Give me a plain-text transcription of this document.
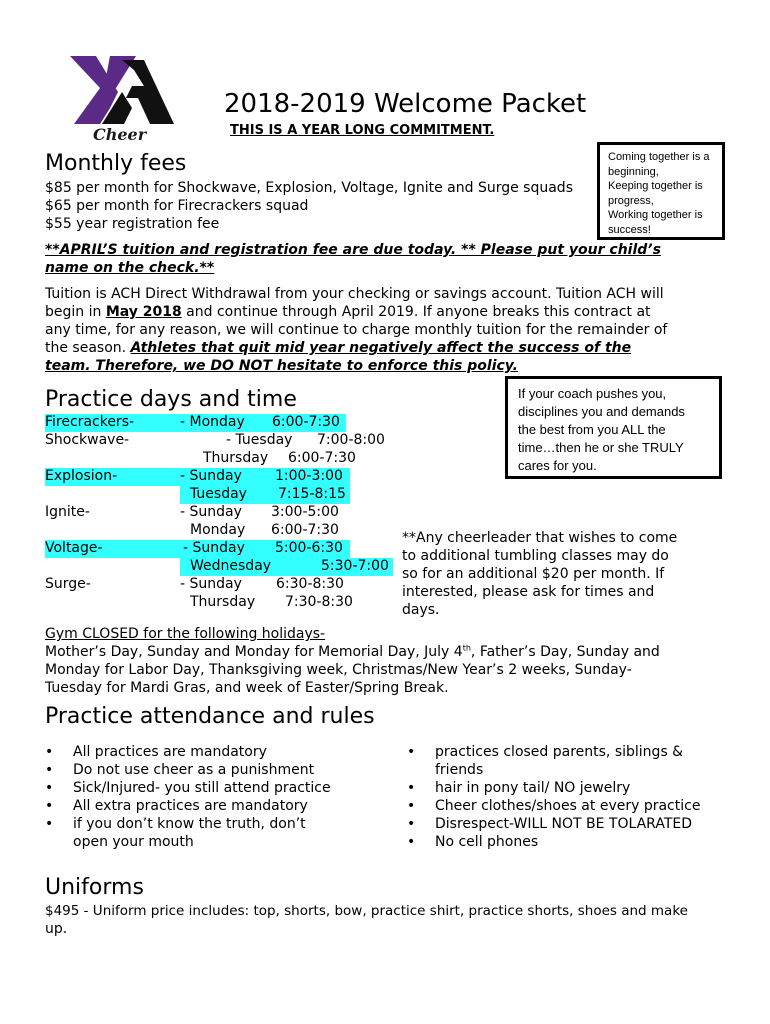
Cheer
2018-2019 Welcome Packet
THIS IS A YEAR LONG COMMITMENT.
Monthly fees
$85 per month for Shockwave, Explosion, Voltage, Ignite and Surge squads
$65 per month for Firecrackers squad
$55 year registration fee
Coming together is a
beginning,
Keeping together is
progress,
Working together is
success!
**APRIL’S tuition and registration fee are due today. ** Please put your child’s
name on the check.**
Tuition is ACH Direct Withdrawal from your checking or savings account. Tuition ACH will
begin in May 2018 and continue through April 2019. If anyone breaks this contract at
any time, for any reason, we will continue to charge monthly tuition for the remainder of
the season. Athletes that quit mid year negatively affect the success of the
team. Therefore, we DO NOT hesitate to enforce this policy.
Practice days and time	If your coach pushes you,
disciplines you and demands
the best from you ALL the
time…then he or she TRULY
cares for you.
Firecrackers-	- Monday 6:00-7:30
Shockwave-	- Tuesday 7:00-8:00
Thursday 6:00-7:30
Explosion-	- Sunday 1:00-3:00
Tuesday 7:15-8:15
Ignite-	- Sunday 3:00-5:00
Monday 6:00-7:30
Voltage-	- Sunday 5:00-6:30
Wednesday	5:30-7:00
Surge-	- Sunday 6:30-8:30
Thursday 7:30-8:30
**Any cheerleader that wishes to come
to additional tumbling classes may do
so for an additional $20 per month. If
interested, please ask for times and
days.
Gym CLOSED for the following holidays-
Mother’s Day, Sunday and Monday for Memorial Day, July 4th, Father’s Day, Sunday and
Monday for Labor Day, Thanksgiving week, Christmas/New Year’s 2 weeks, Sunday-
Tuesday for Mardi Gras, and week of Easter/Spring Break.
Practice attendance and rules
• All practices are mandatory
• Do not use cheer as a punishment
• Sick/Injured- you still attend practice
• All extra practices are mandatory
• if you don’t know the truth, don’t
open your mouth
• practices closed parents, siblings &
friends
• hair in pony tail/ NO jewelry
• Cheer clothes/shoes at every practice
• Disrespect-WILL NOT BE TOLARATED
• No cell phones
Uniforms
$495 - Uniform price includes: top, shorts, bow, practice shirt, practice shorts, shoes and make
up.
